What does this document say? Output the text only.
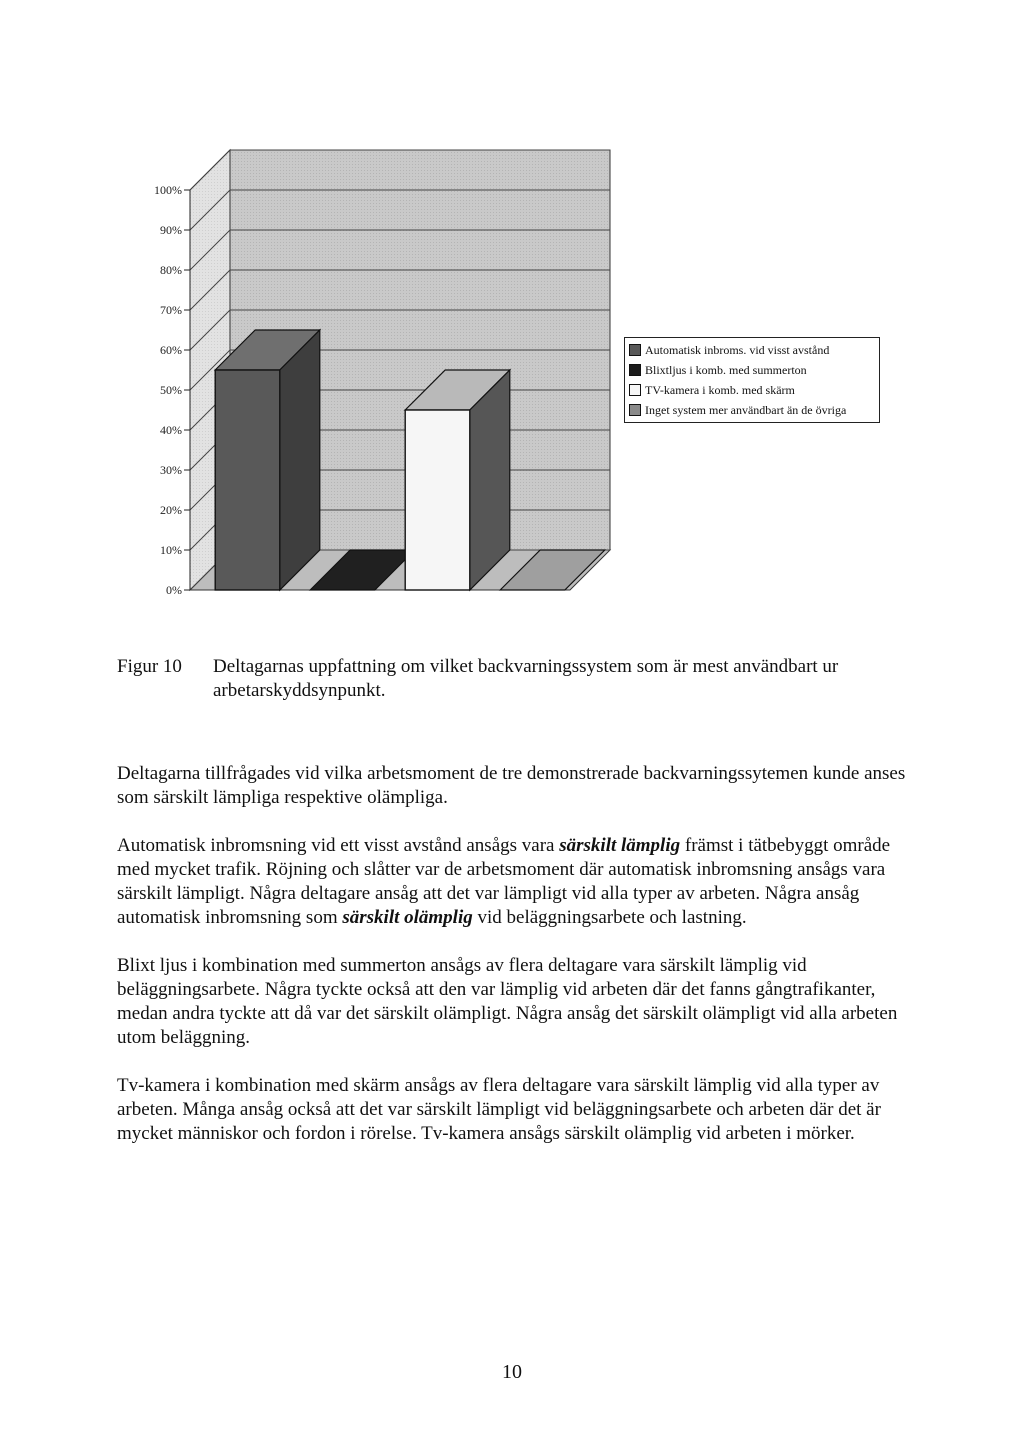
0%
10%
20%
30%
40%
50%
60%
70%
80%
90%
100%
Automatisk inbroms. vid visst avstånd
Blixtljus i komb. med summerton
TV-kamera i komb. med skärm
Inget system mer användbart än de övriga
Figur 10	Deltagarnas uppfattning om vilket backvarningssystem som är mest användbart ur arbetarskyddsynpunkt.

Deltagarna tillfrågades vid vilka arbetsmoment de tre demonstrerade backvarningssytemen kunde anses som särskilt lämpliga respektive olämpliga.

Automatisk inbromsning vid ett visst avstånd ansågs vara särskilt lämplig främst i tätbebyggt område med mycket trafik. Röjning och slåtter var de arbetsmoment där automatisk inbromsning ansågs vara särskilt lämpligt. Några deltagare ansåg att det var lämpligt vid alla typer av arbeten. Några ansåg automatisk inbromsning som särskilt olämplig vid beläggningsarbete och lastning.

Blixt ljus i kombination med summerton ansågs av flera deltagare vara särskilt lämplig vid beläggningsarbete. Några tyckte också att den var lämplig vid arbeten där det fanns gångtrafikanter, medan andra tyckte att då var det särskilt olämpligt. Några ansåg det särskilt olämpligt vid alla arbeten utom beläggning.

Tv-kamera i kombination med skärm ansågs av flera deltagare vara särskilt lämplig vid alla typer av arbeten. Många ansåg också att det var särskilt lämpligt vid beläggningsarbete och arbeten där det är mycket människor och fordon i rörelse. Tv-kamera ansågs särskilt olämplig vid arbeten i mörker.

10
